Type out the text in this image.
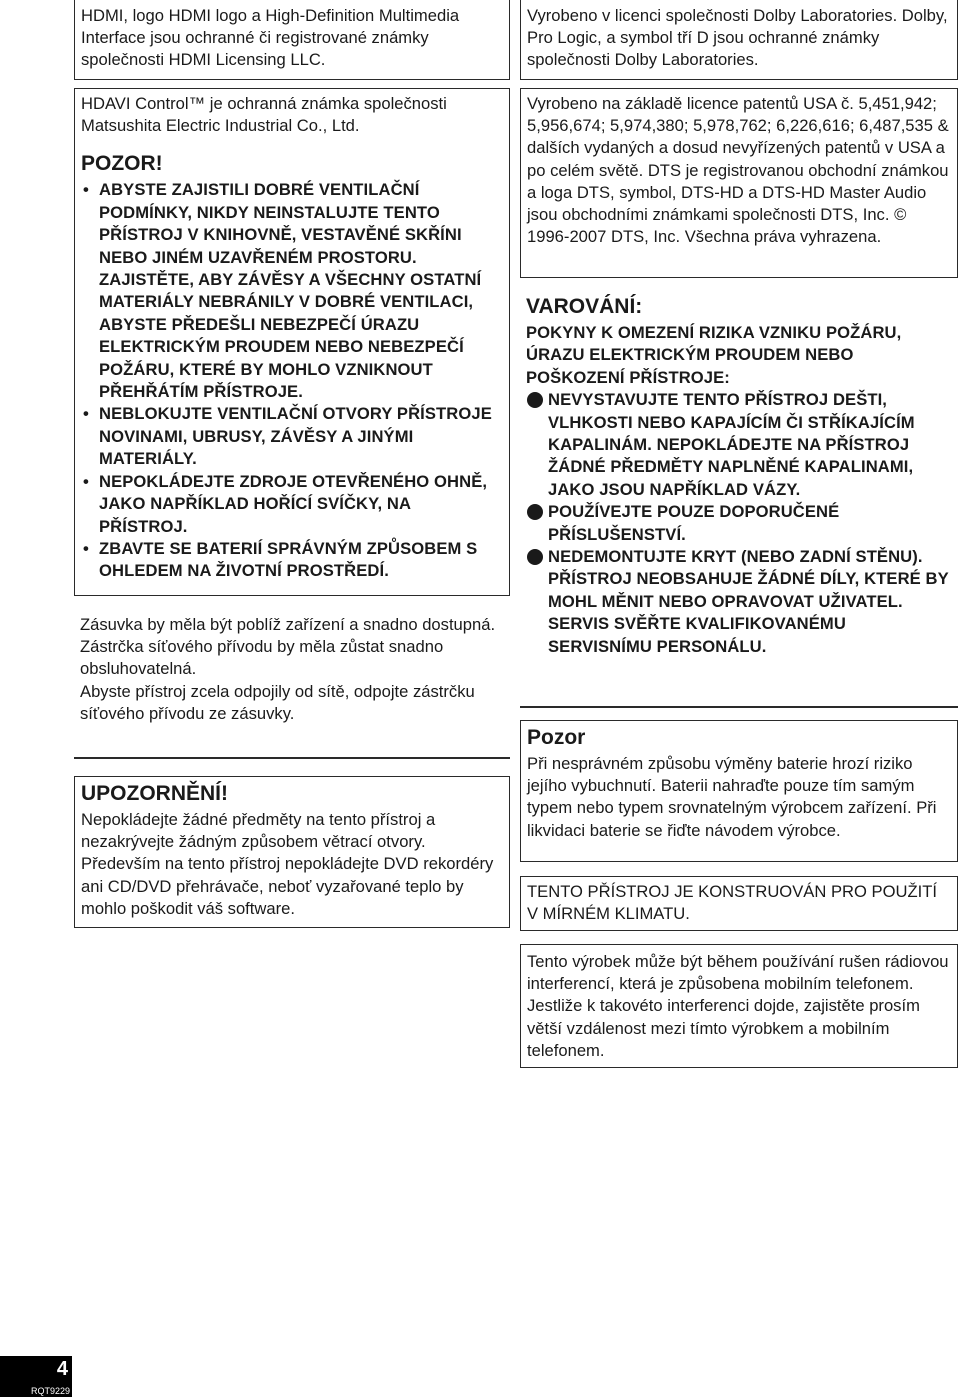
HDMI, logo HDMI logo a High-Definition Multimedia Interface jsou ochranné či registrované známky společnosti HDMI Licensing LLC.

HDAVI Control™ je ochranná známka společnosti Matsushita Electric Industrial Co., Ltd.

POZOR!

• ABYSTE ZAJISTILI DOBRÉ VENTILAČNÍ PODMÍNKY, NIKDY NEINSTALUJTE TENTO PŘÍSTROJ V KNIHOVNĚ, VESTAVĚNÉ SKŘÍNI NEBO JINÉM UZAVŘENÉM PROSTORU. ZAJISTĚTE, ABY ZÁVĚSY A VŠECHNY OSTATNÍ MATERIÁLY NEBRÁNILY V DOBRÉ VENTILACI, ABYSTE PŘEDEŠLI NEBEZPEČÍ ÚRAZU ELEKTRICKÝM PROUDEM NEBO NEBEZPEČÍ POŽÁRU, KTERÉ BY MOHLO VZNIKNOUT PŘEHŘÁTÍM PŘÍSTROJE.
• NEBLOKUJTE VENTILAČNÍ OTVORY PŘÍSTROJE NOVINAMI, UBRUSY, ZÁVĚSY A JINÝMI MATERIÁLY.
• NEPOKLÁDEJTE ZDROJE OTEVŘENÉHO OHNĚ, JAKO NAPŘÍKLAD HOŘÍCÍ SVÍČKY, NA PŘÍSTROJ.
• ZBAVTE SE BATERIÍ SPRÁVNÝM ZPŮSOBEM S OHLEDEM NA ŽIVOTNÍ PROSTŘEDÍ.

Zásuvka by měla být poblíž zařízení a snadno dostupná.

Zástrčka síťového přívodu by měla zůstat snadno obsluhovatelná.

Abyste přístroj zcela odpojily od sítě, odpojte zástrčku síťového přívodu ze zásuvky.

UPOZORNĚNÍ!

Nepokládejte žádné předměty na tento přístroj a nezakrývejte žádným způsobem větrací otvory. Především na tento přístroj nepokládejte DVD rekordéry ani CD/DVD přehrávače, neboť vyzařované teplo by mohlo poškodit váš software.

Vyrobeno v licenci společnosti Dolby Laboratories. Dolby, Pro Logic, a symbol tří D jsou ochranné známky společnosti Dolby Laboratories.

Vyrobeno na základě licence patentů USA č. 5,451,942; 5,956,674; 5,974,380; 5,978,762; 6,226,616; 6,487,535 & dalších vydaných a dosud nevyřízených patentů v USA a po celém světě. DTS je registrovanou obchodní známkou a loga DTS, symbol, DTS-HD a DTS-HD Master Audio jsou obchodními známkami společnosti DTS, Inc. © 1996-2007 DTS, Inc. Všechna práva vyhrazena.

VAROVÁNÍ:

POKYNY K OMEZENÍ RIZIKA VZNIKU POŽÁRU, ÚRAZU ELEKTRICKÝM PROUDEM NEBO POŠKOZENÍ PŘÍSTROJE:

NEVYSTAVUJTE TENTO PŘÍSTROJ DEŠTI, VLHKOSTI NEBO KAPAJÍCÍM ČI STŘÍKAJÍCÍM KAPALINÁM. NEPOKLÁDEJTE NA PŘÍSTROJ ŽÁDNÉ PŘEDMĚTY NAPLNĚNÉ KAPALINAMI, JAKO JSOU NAPŘÍKLAD VÁZY.
POUŽÍVEJTE POUZE DOPORUČENÉ PŘÍSLUŠENSTVÍ.
NEDEMONTUJTE KRYT (NEBO ZADNÍ STĚNU). PŘÍSTROJ NEOBSAHUJE ŽÁDNÉ DÍLY, KTERÉ BY MOHL MĚNIT NEBO OPRAVOVAT UŽIVATEL. SERVIS SVĚŘTE KVALIFIKOVANÉMU SERVISNÍMU PERSONÁLU.

Pozor

Při nesprávném způsobu výměny baterie hrozí riziko jejího vybuchnutí. Baterii nahraďte pouze tím samým typem nebo typem srovnatelným výrobcem zařízení. Při likvidaci baterie se řiďte návodem výrobce.

TENTO PŘÍSTROJ JE KONSTRUOVÁN PRO POUŽITÍ V MÍRNÉM KLIMATU.

Tento výrobek může být během používání rušen rádiovou interferencí, která je způsobena mobilním telefonem. Jestliže k takovéto interferenci dojde, zajistěte prosím větší vzdálenost mezi tímto výrobkem a mobilním telefonem.

4
RQT9229
